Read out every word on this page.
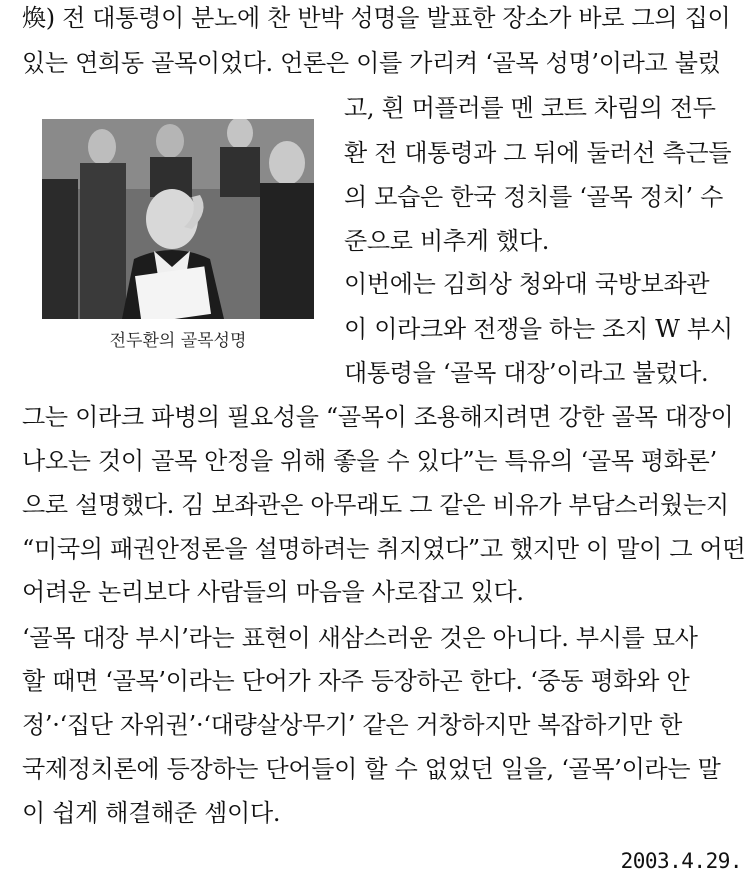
煥) 전 대통령이 분노에 찬 반박 성명을 발표한 장소가 바로 그의 집이
있는 연희동 골목이었다. 언론은 이를 가리켜 ‘골목 성명’이라고 불렀
전두환의 골목성명
고, 흰 머플러를 멘 코트 차림의 전두
환 전 대통령과 그 뒤에 둘러선 측근들
의 모습은 한국 정치를 ‘골목 정치’ 수
준으로 비추게 했다.
이번에는 김희상 청와대 국방보좌관
이 이라크와 전쟁을 하는 조지 W 부시
대통령을 ‘골목 대장’이라고 불렀다.
그는 이라크 파병의 필요성을 “골목이 조용해지려면 강한 골목 대장이
나오는 것이 골목 안정을 위해 좋을 수 있다”는 특유의 ‘골목 평화론’
으로 설명했다. 김 보좌관은 아무래도 그 같은 비유가 부담스러웠는지
“미국의 패권안정론을 설명하려는 취지였다”고 했지만 이 말이 그 어떤
어려운 논리보다 사람들의 마음을 사로잡고 있다.
‘골목 대장 부시’라는 표현이 새삼스러운 것은 아니다. 부시를 묘사
할 때면 ‘골목’이라는 단어가 자주 등장하곤 한다. ‘중동 평화와 안
정’·‘집단 자위권’·‘대량살상무기’ 같은 거창하지만 복잡하기만 한
국제정치론에 등장하는 단어들이 할 수 없었던 일을, ‘골목’이라는 말
이 쉽게 해결해준 셈이다.
2003.4.29.
